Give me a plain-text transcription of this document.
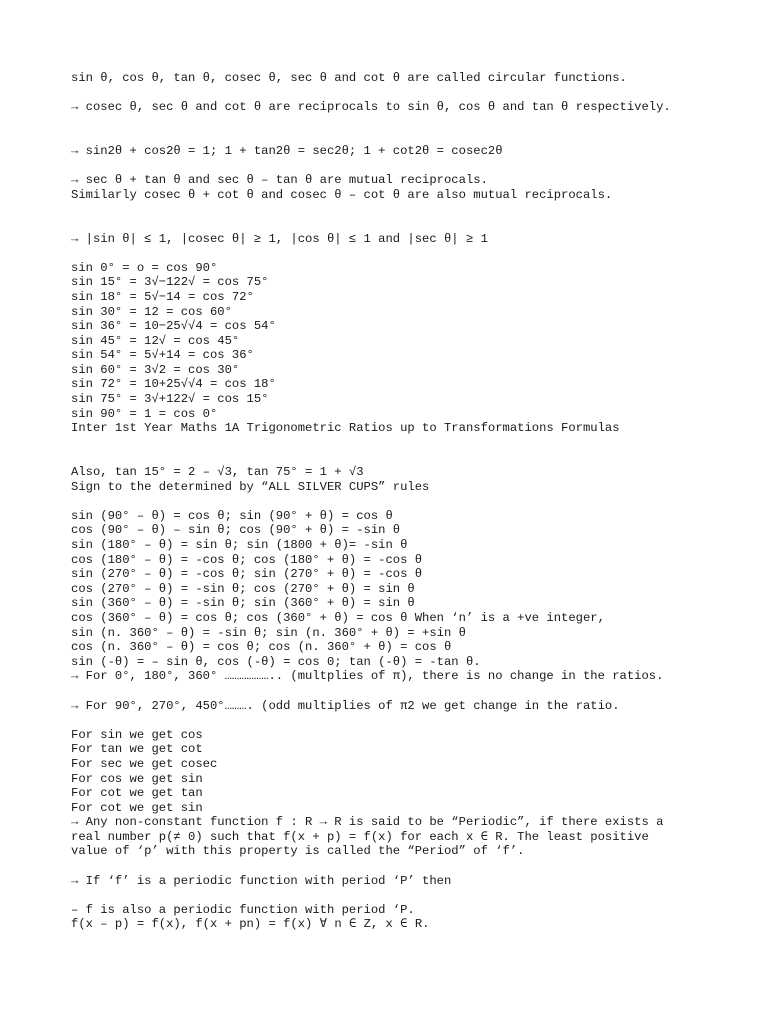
sin θ, cos θ, tan θ, cosec θ, sec θ and cot θ are called circular functions.
→ cosec θ, sec θ and cot θ are reciprocals to sin θ, cos θ and tan θ respectively.
→ sin2θ + cos2θ = 1; 1 + tan2θ = sec2θ; 1 + cot2θ = cosec2θ
→ sec θ + tan θ and sec θ – tan θ are mutual reciprocals.
Similarly cosec θ + cot θ and cosec θ – cot θ are also mutual reciprocals.
→ |sin θ| ≤ 1, |cosec θ| ≥ 1, |cos θ| ≤ 1 and |sec θ| ≥ 1
sin 0° = o = cos 90°
sin 15° = 3√−122√ = cos 75°
sin 18° = 5√−14 = cos 72°
sin 30° = 12 = cos 60°
sin 36° = 10−25√√4 = cos 54°
sin 45° = 12√ = cos 45°
sin 54° = 5√+14 = cos 36°
sin 60° = 3√2 = cos 30°
sin 72° = 10+25√√4 = cos 18°
sin 75° = 3√+122√ = cos 15°
sin 90° = 1 = cos 0°
Inter 1st Year Maths 1A Trigonometric Ratios up to Transformations Formulas
Also, tan 15° = 2 – √3, tan 75° = 1 + √3
Sign to the determined by “ALL SILVER CUPS” rules
sin (90° – θ) = cos θ; sin (90° + θ) = cos θ
cos (90° – θ) – sin θ; cos (90° + θ) = -sin θ
sin (180° – θ) = sin θ; sin (1800 + θ)= -sin θ
cos (180° – θ) = -cos θ; cos (180° + θ) = -cos θ
sin (270° – θ) = -cos θ; sin (270° + θ) = -cos θ
cos (270° – θ) = -sin θ; cos (270° + θ) = sin θ
sin (360° – θ) = -sin θ; sin (360° + θ) = sin θ
cos (360° – θ) = cos θ; cos (360° + θ) = cos θ When ‘n’ is a +ve integer,
sin (n. 360° – θ) = -sin θ; sin (n. 360° + θ) = +sin θ
cos (n. 360° – θ) = cos θ; cos (n. 360° + θ) = cos θ
sin (-θ) = – sin θ, cos (-θ) = cos 0; tan (-θ) = -tan θ.
→ For 0°, 180°, 360° ……………….. (multplies of π), there is no change in the ratios.
→ For 90°, 270°, 450°………. (odd multiplies of π2 we get change in the ratio.
For sin we get cos
For tan we get cot
For sec we get cosec
For cos we get sin
For cot we get tan
For cot we get sin
→ Any non-constant function f : R → R is said to be “Periodic”, if there exists a
real number p(≠ 0) such that f(x + p) = f(x) for each x ∈ R. The least positive
value of ‘p’ with this property is called the “Period” of ‘f’.
→ If ‘f’ is a periodic function with period ‘P’ then
– f is also a periodic function with period ‘P.
f(x – p) = f(x), f(x + pn) = f(x) ∀ n ∈ Z, x ∈ R.
